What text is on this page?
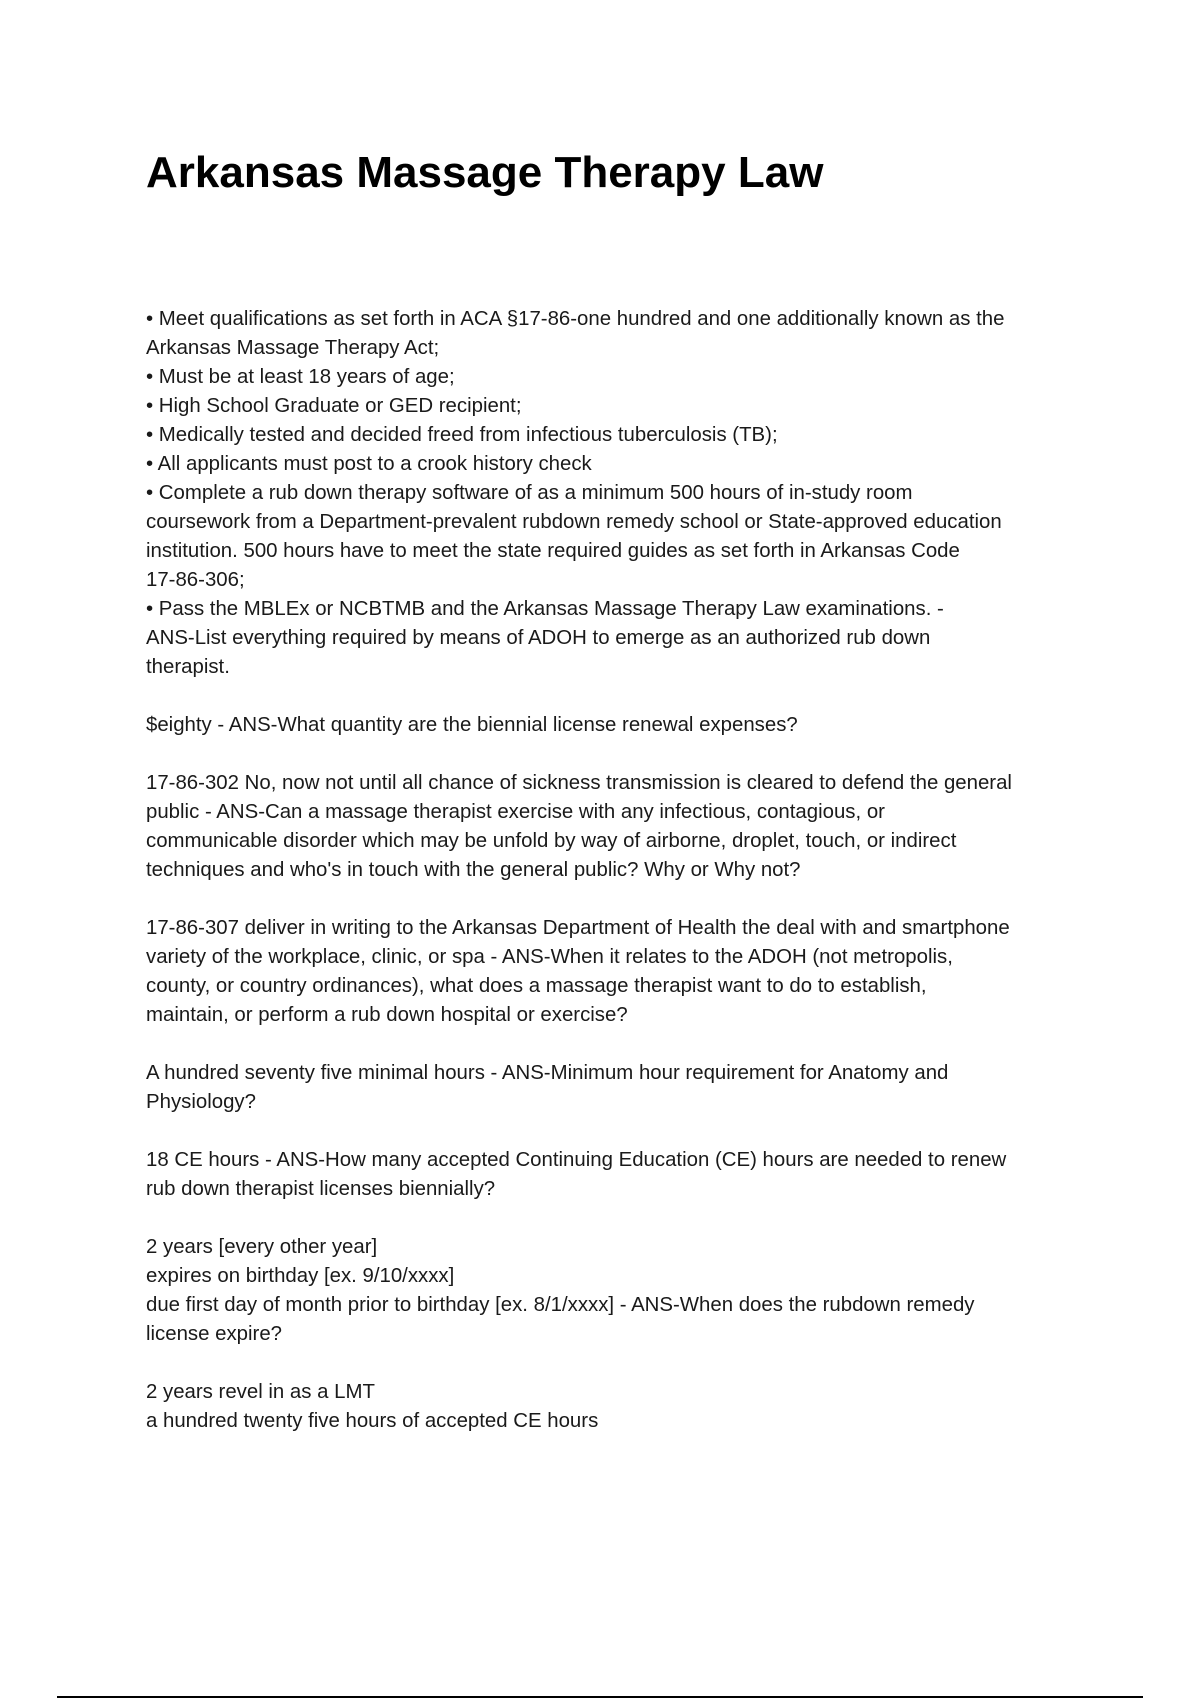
Arkansas Massage Therapy Law

• Meet qualifications as set forth in ACA §17-86-one hundred and one additionally known as the
Arkansas Massage Therapy Act;
• Must be at least 18 years of age;
• High School Graduate or GED recipient;
• Medically tested and decided freed from infectious tuberculosis (TB);
• All applicants must post to a crook history check
• Complete a rub down therapy software of as a minimum 500 hours of in-study room
coursework from a Department-prevalent rubdown remedy school or State-approved education
institution. 500 hours have to meet the state required guides as set forth in Arkansas Code
17-86-306;
• Pass the MBLEx or NCBTMB and the Arkansas Massage Therapy Law examinations. -
ANS-List everything required by means of ADOH to emerge as an authorized rub down
therapist.

$eighty - ANS-What quantity are the biennial license renewal expenses?

17-86-302 No, now not until all chance of sickness transmission is cleared to defend the general
public - ANS-Can a massage therapist exercise with any infectious, contagious, or
communicable disorder which may be unfold by way of airborne, droplet, touch, or indirect
techniques and who's in touch with the general public? Why or Why not?

17-86-307 deliver in writing to the Arkansas Department of Health the deal with and smartphone
variety of the workplace, clinic, or spa - ANS-When it relates to the ADOH (not metropolis,
county, or country ordinances), what does a massage therapist want to do to establish,
maintain, or perform a rub down hospital or exercise?

A hundred seventy five minimal hours - ANS-Minimum hour requirement for Anatomy and
Physiology?

18 CE hours - ANS-How many accepted Continuing Education (CE) hours are needed to renew
rub down therapist licenses biennially?

2 years [every other year]
expires on birthday [ex. 9/10/xxxx]
due first day of month prior to birthday [ex. 8/1/xxxx] - ANS-When does the rubdown remedy
license expire?

2 years revel in as a LMT
a hundred twenty five hours of accepted CE hours
